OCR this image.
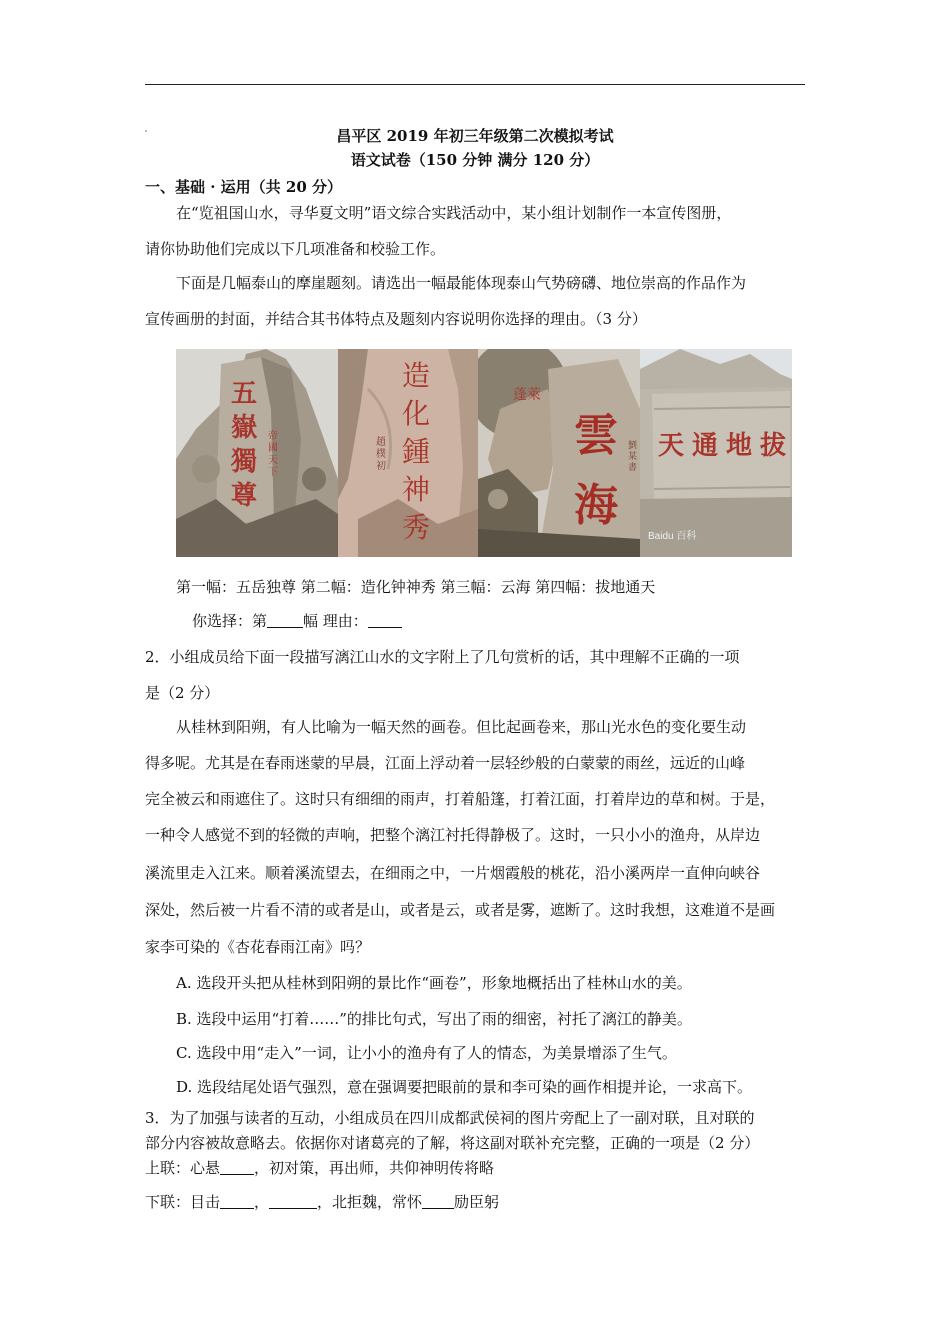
昌平区 2019 年初三年级第二次模拟考试
语文试卷（150 分钟 满分 120 分）
一、基础 · 运用（共 20 分）
在“览祖国山水，寻华夏文明”语文综合实践活动中，某小组计划制作一本宣传图册，
请你协助他们完成以下几项准备和校验工作。
下面是几幅泰山的摩崖题刻。请选出一幅最能体现泰山气势磅礴、地位崇高的作品作为
宣传画册的封面，并结合其书体特点及题刻内容说明你选择的理由。（3 分）
五
嶽
獨
尊
帝國天下
造
化
鍾
神
秀
趙樸初
蓬萊
雲
海
劉某書
天 通 地 拔
Baidu 百科
第一幅：五岳独尊 第二幅：造化钟神秀 第三幅：云海 第四幅：拔地通天
你选择：第 幅 理由：
2．小组成员给下面一段描写漓江山水的文字附上了几句赏析的话，其中理解不正确的一项
是（2 分）
从桂林到阳朔，有人比喻为一幅天然的画卷。但比起画卷来，那山光水色的变化要生动
得多呢。尤其是在春雨迷蒙的早晨，江面上浮动着一层轻纱般的白蒙蒙的雨丝，远近的山峰
完全被云和雨遮住了。这时只有细细的雨声，打着船篷，打着江面，打着岸边的草和树。于是，
一种令人感觉不到的轻微的声响，把整个漓江衬托得静极了。这时，一只小小的渔舟，从岸边
溪流里走入江来。顺着溪流望去，在细雨之中，一片烟霞般的桃花，沿小溪两岸一直伸向峡谷
深处，然后被一片看不清的或者是山，或者是云，或者是雾，遮断了。这时我想，这难道不是画
家李可染的《杏花春雨江南》吗？
A. 选段开头把从桂林到阳朔的景比作“画卷”，形象地概括出了桂林山水的美。
B. 选段中运用“打着……”的排比句式，写出了雨的细密，衬托了漓江的静美。
C. 选段中用“走入”一词，让小小的渔舟有了人的情态，为美景增添了生气。
D. 选段结尾处语气强烈，意在强调要把眼前的景和李可染的画作相提并论，一求高下。
3．为了加强与读者的互动，小组成员在四川成都武侯祠的图片旁配上了一副对联，且对联的
部分内容被故意略去。依据你对诸葛亮的了解，将这副对联补充完整，正确的一项是（2 分）
上联：心悬 ，初对策，再出师，共仰神明传将略
下联：目击 ，	，北拒魏，常怀 励臣躬
